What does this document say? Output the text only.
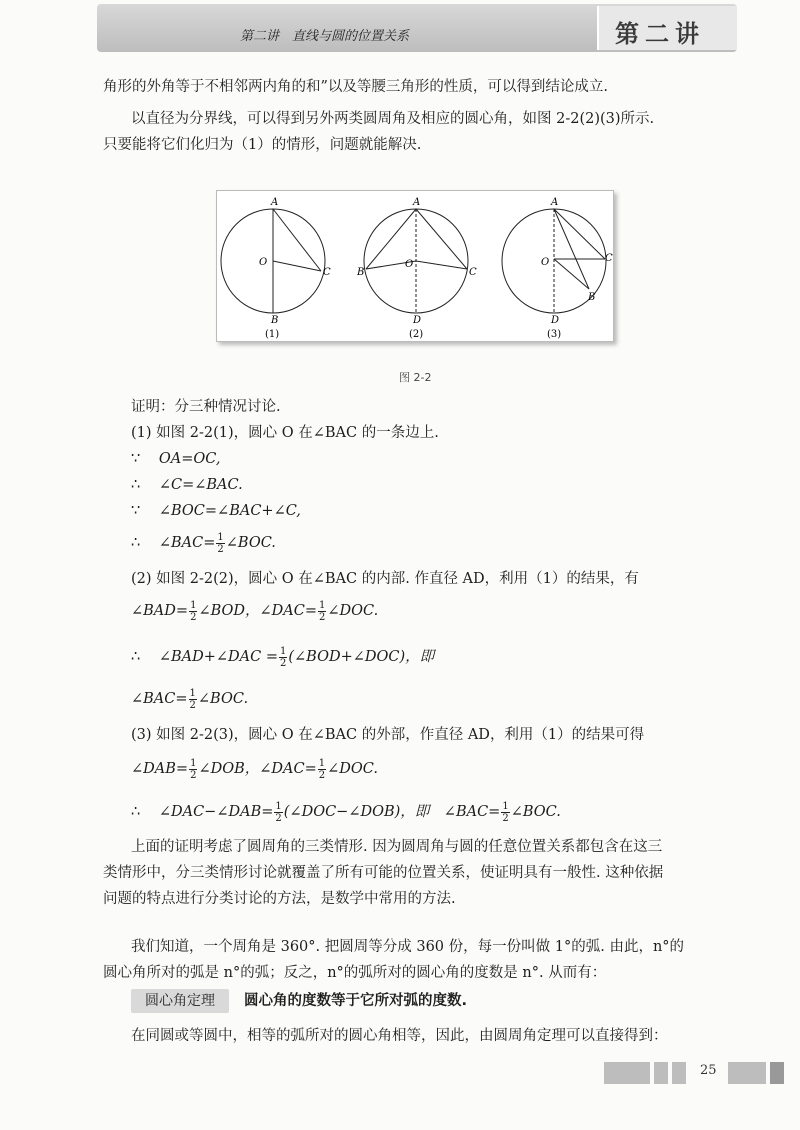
第二讲　直线与圆的位置关系	第二讲
角形的外角等于不相邻两内角的和”以及等腰三角形的性质，可以得到结论成立.
以直径为分界线，可以得到另外两类圆周角及相应的圆心角，如图 2-2(2)(3)所示.
只要能将它们化归为（1）的情形，问题就能解决.
A
O
C
B
(1)
A
B
O
C
D
(2)
A
O	C
B
D
(3)
图 2-2
证明：分三种情况讨论.
(1) 如图 2-2(1)，圆心 O 在∠BAC 的一条边上.
∵ OA=OC,
∴ ∠C=∠BAC.
∵ ∠BOC=∠BAC+∠C,
∴ ∠BAC= $\frac{1}{2}$ ∠BOC.
(2) 如图 2-2(2)，圆心 O 在∠BAC 的内部. 作直径 AD，利用（1）的结果，有
∠BAD= $\frac{1}{2}$ ∠BOD，∠DAC= $\frac{1}{2}$ ∠DOC.
∴ ∠BAD+∠DAC = $\frac{1}{2}$ (∠BOD+∠DOC)，即
∠BAC= $\frac{1}{2}$ ∠BOC.
(3) 如图 2-2(3)，圆心 O 在∠BAC 的外部，作直径 AD，利用（1）的结果可得
∠DAB= $\frac{1}{2}$ ∠DOB，∠DAC= $\frac{1}{2}$ ∠DOC.
∴ ∠DAC−∠DAB= $\frac{1}{2}$ (∠DOC−∠DOB)，即　∠BAC= $\frac{1}{2}$ ∠BOC.
上面的证明考虑了圆周角的三类情形. 因为圆周角与圆的任意位置关系都包含在这三
类情形中，分三类情形讨论就覆盖了所有可能的位置关系，使证明具有一般性. 这种依据
问题的特点进行分类讨论的方法，是数学中常用的方法.
我们知道，一个周角是 360°. 把圆周等分成 360 份，每一份叫做 1°的弧. 由此，n°的
圆心角所对的弧是 n°的弧；反之，n°的弧所对的圆心角的度数是 n°. 从而有：
圆心角定理	圆心角的度数等于它所对弧的度数.
在同圆或等圆中，相等的弧所对的圆心角相等，因此，由圆周角定理可以直接得到：
25
